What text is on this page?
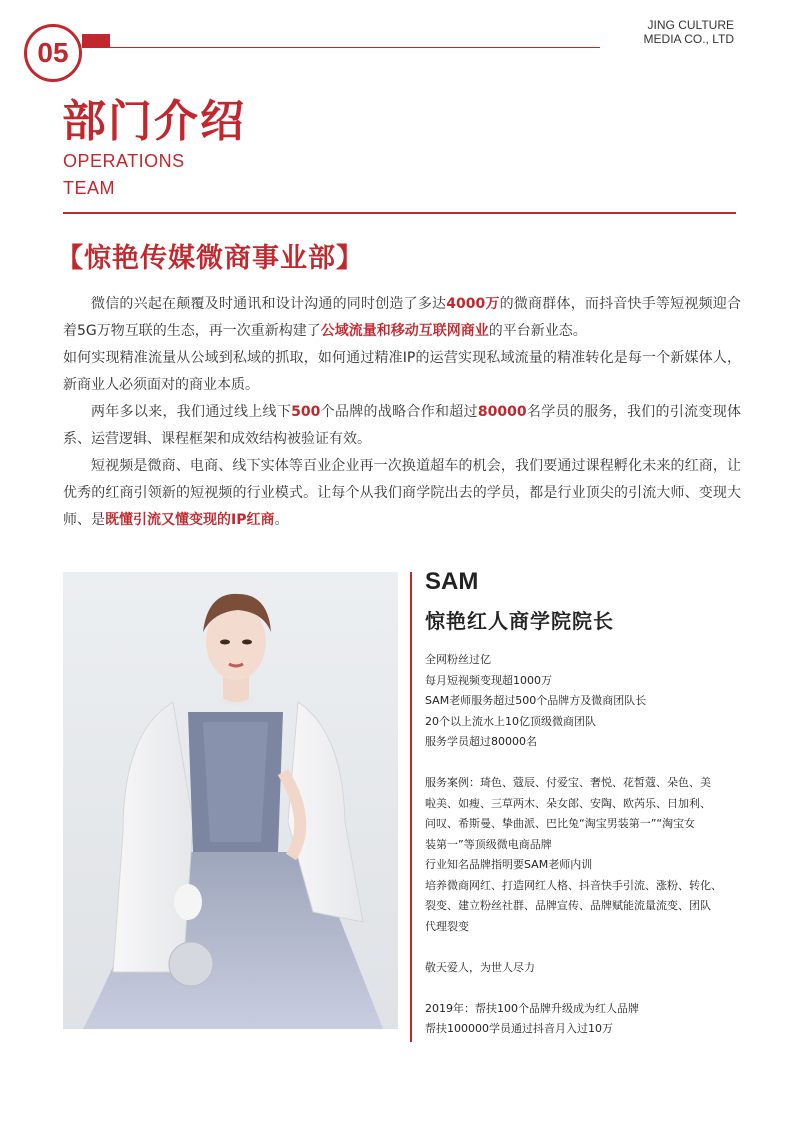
05
JING CULTURE
MEDIA CO., LTD
部门介绍
OPERATIONS
TEAM
【惊艳传媒微商事业部】

微信的兴起在颠覆及时通讯和设计沟通的同时创造了多达4000万的微商群体，而抖音快手等短视频迎合着5G万物互联的生态，再一次重新构建了公域流量和移动互联网商业的平台新业态。

如何实现精准流量从公域到私域的抓取，如何通过精准IP的运营实现私域流量的精准转化是每一个新媒体人，新商业人必须面对的商业本质。

两年多以来，我们通过线上线下500个品牌的战略合作和超过80000名学员的服务，我们的引流变现体系、运营逻辑、课程框架和成效结构被验证有效。

短视频是微商、电商、线下实体等百业企业再一次换道超车的机会，我们要通过课程孵化未来的红商，让优秀的红商引领新的短视频的行业模式。让每个从我们商学院出去的学员，都是行业顶尖的引流大师、变现大师、是既懂引流又懂变现的IP红商。

SAM
惊艳红人商学院院长
全网粉丝过亿
每月短视频变现超1000万
SAM老师服务超过500个品牌方及微商团队长
20个以上流水上10亿顶级微商团队
服务学员超过80000名
服务案例：琦色、蔻辰、付爱宝、奢悦、花皙蔻、朵色、美
啦美、如瘦、三草两木、朵女郎、安陶、欧芮乐、日加利、
问叹、希斯曼、挚曲派、巴比兔“淘宝男装第一”“淘宝女
装第一”等顶级微电商品牌
行业知名品牌指明要SAM老师内训
培养微商网红、打造网红人格、抖音快手引流、涨粉、转化、
裂变、建立粉丝社群、品牌宣传、品牌赋能流量流变、团队
代理裂变
敬天爱人，为世人尽力
2019年：帮扶100个品牌升级成为红人品牌
帮扶100000学员通过抖音月入过10万
